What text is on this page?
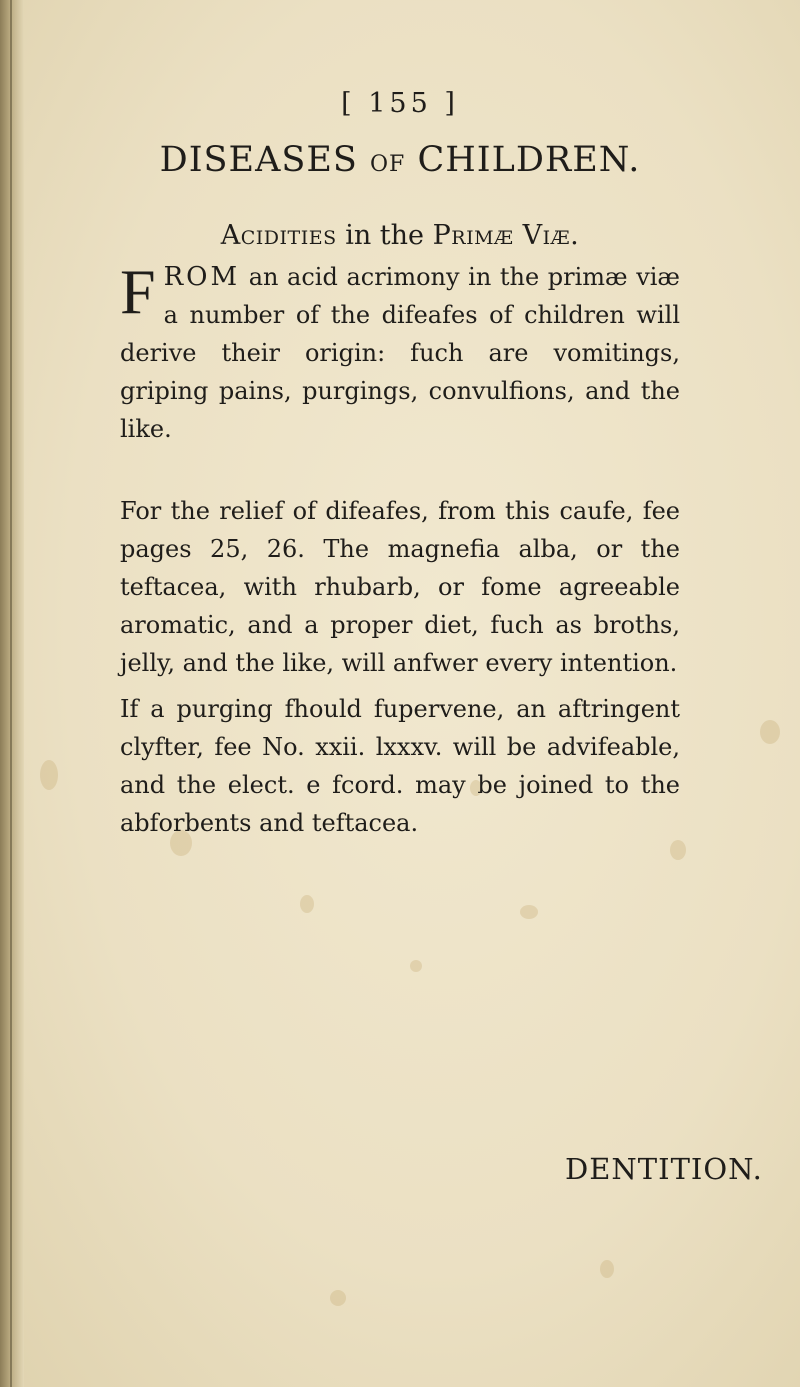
[ 155 ]
DISEASES OF CHILDREN.
Acidities in the Primæ Viæ.
F ROM an acid acrimony in the primæ viæ a number of the difeafes of children will derive their origin: fuch are vomitings, griping pains, purgings, convulfions, and the like.
For the relief of difeafes, from this caufe, fee pages 25, 26. The magnefia alba, or the teftacea, with rhubarb, or fome agreeable aromatic, and a proper diet, fuch as broths, jelly, and the like, will anfwer every intention.
If a purging fhould fupervene, an aftringent clyfter, fee No. xxii. lxxxv. will be advifeable, and the elect. e fcord. may be joined to the abforbents and teftacea.
DENTITION.
